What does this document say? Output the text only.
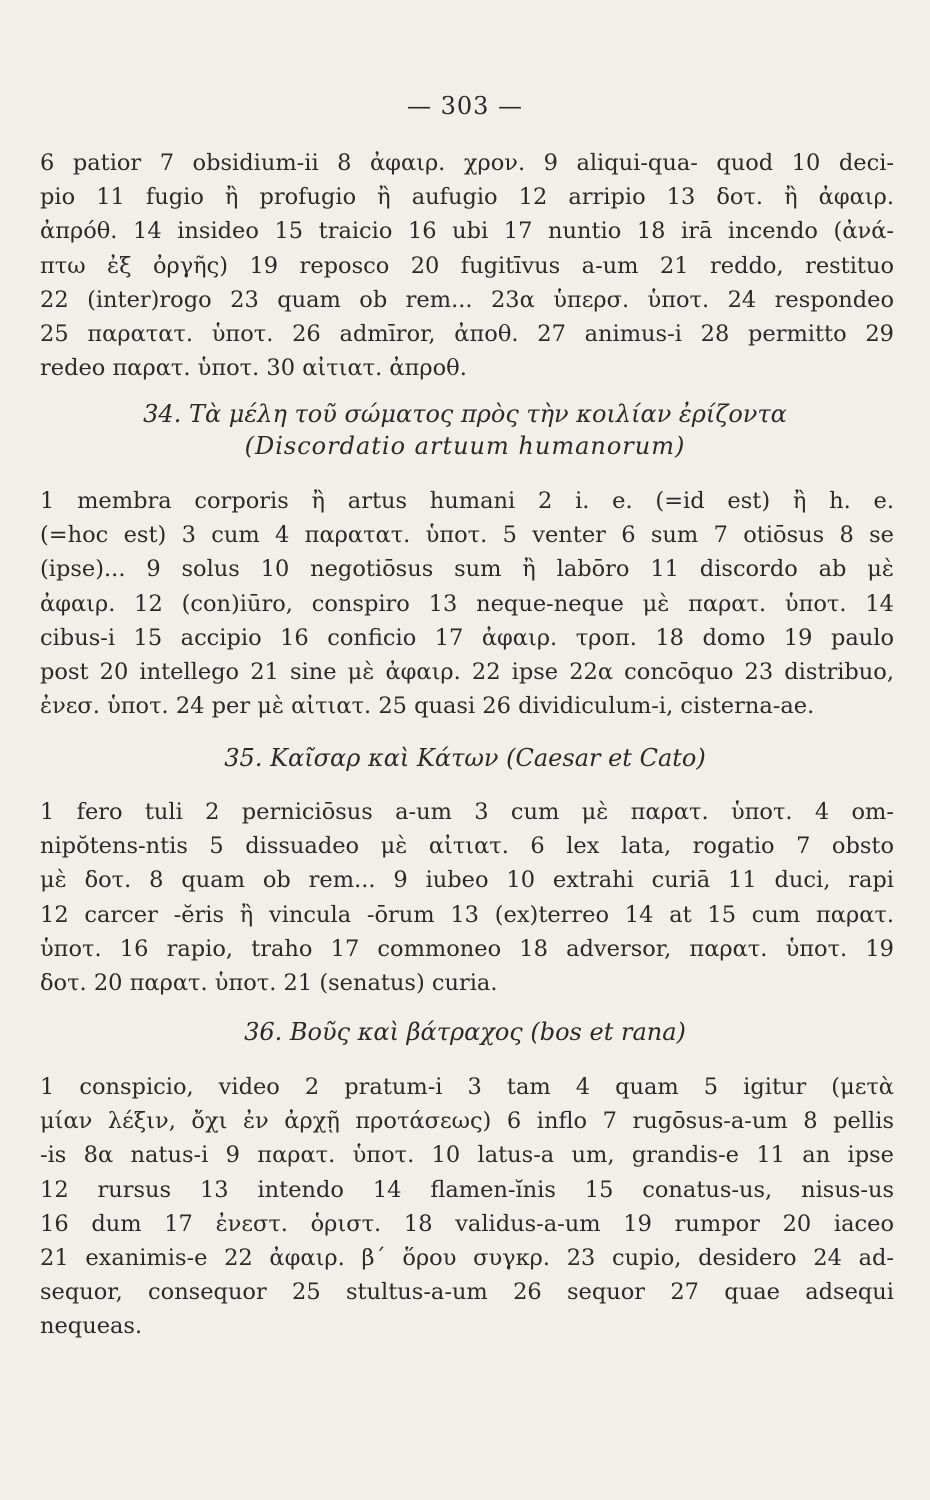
— 303 —
6 patior 7 obsidium-ii 8 ἀφαιρ. χρον. 9 aliqui-qua- quod 10 deci-
pio 11 fugio ἢ profugio ἢ aufugio 12 arripio 13 δοτ. ἢ ἀφαιρ.
ἀπρόθ. 14 insideo 15 traicio 16 ubi 17 nuntio 18 irā incendo (ἀνά-
πτω ἐξ ὀργῆς) 19 reposco 20 fugitīvus a-um 21 reddo, restituo
22 (inter)rogo 23 quam ob rem... 23α ὑπερσ. ὑποτ. 24 respondeo
25 παρατατ. ὑποτ. 26 admīror, ἀποθ. 27 animus-i 28 permitto 29
redeo παρατ. ὑποτ. 30 αἰτιατ. ἀπροθ.
34. Τὰ μέλη τοῦ σώματος πρὸς τὴν κοιλίαν ἐρίζοντα
(Discordatio artuum humanorum)
1 membra corporis ἢ artus humani 2 i. e. (=id est) ἢ h. e.
(=hoc est) 3 cum 4 παρατατ. ὑποτ. 5 venter 6 sum 7 otiōsus 8 se
(ipse)... 9 solus 10 negotiōsus sum ἢ labōro 11 discordo ab μὲ
ἀφαιρ. 12 (con)iūro, conspiro 13 neque-neque μὲ παρατ. ὑποτ. 14
cibus-i 15 accipio 16 conficio 17 ἀφαιρ. τροπ. 18 domo 19 paulo
post 20 intellego 21 sine μὲ ἀφαιρ. 22 ipse 22α concōquo 23 distribuo,
ἐνεσ. ὑποτ. 24 per μὲ αἰτιατ. 25 quasi 26 dividiculum-i, cisterna-ae.
35. Καῖσαρ καὶ Κάτων (Caesar et Cato)
1 fero tuli 2 perniciōsus a-um 3 cum μὲ παρατ. ὑποτ. 4 om-
nipŏtens-ntis 5 dissuadeo μὲ αἰτιατ. 6 lex lata, rogatio 7 obsto
μὲ δοτ. 8 quam ob rem... 9 iubeo 10 extrahi curiā 11 duci, rapi
12 carcer -ĕris ἢ vincula -ōrum 13 (ex)terreo 14 at 15 cum παρατ.
ὑποτ. 16 rapio, traho 17 commoneo 18 adversor, παρατ. ὑποτ. 19
δοτ. 20 παρατ. ὑποτ. 21 (senatus) curia.
36. Βοῦς καὶ βάτραχος (bos et rana)
1 conspicio, video 2 pratum-i 3 tam 4 quam 5 igitur (μετὰ
μίαν λέξιν, ὄχι ἐν ἀρχῇ προτάσεως) 6 inflo 7 rugōsus-a-um 8 pellis
-is 8α natus-i 9 παρατ. ὑποτ. 10 latus-a um, grandis-e 11 an ipse
12 rursus 13 intendo 14 flamen-ĭnis 15 conatus-us, nisus-us
16 dum 17 ἐνεστ. ὁριστ. 18 validus-a-um 19 rumpor 20 iaceo
21 exanimis-e 22 ἀφαιρ. β΄ ὅρου συγκρ. 23 cupio, desidero 24 ad-
sequor, consequor 25 stultus-a-um 26 sequor 27 quae adsequi
nequeas.
